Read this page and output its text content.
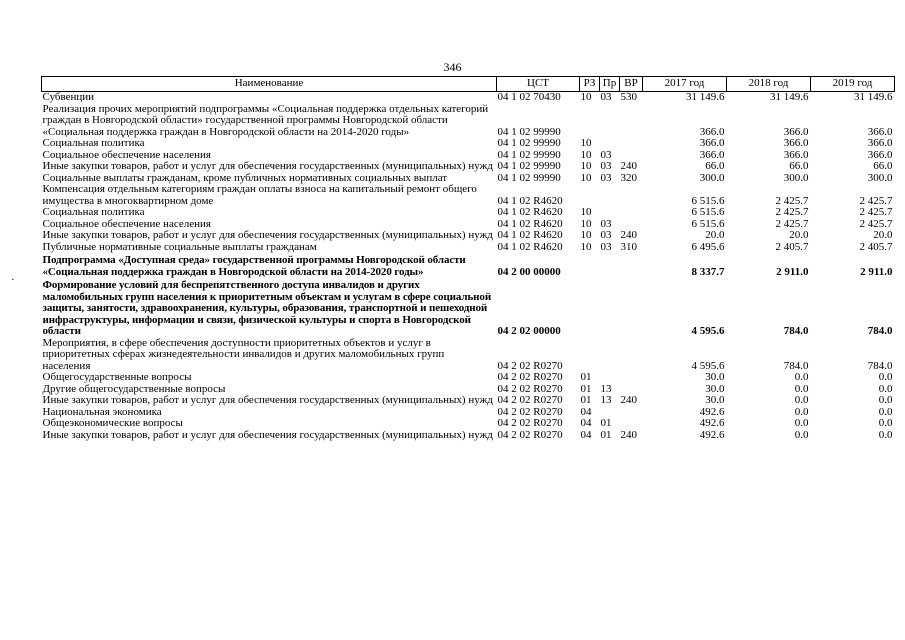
346
·
Наименование	ЦСТ	РЗ	Пр	ВР	2017 год	2018 год	2019 год
Субвенции	04 1 02 70430	10	03	530	31 149.6	31 149.6	31 149.6
Реализация прочих мероприятий подпрограммы «Социальная поддержка отдельных категорий граждан в Новгородской области» государственной программы Новгородской области «Социальная поддержка граждан в Новгородской области на 2014-2020 годы»	04 1 02 99990				366.0	366.0	366.0
Социальная политика	04 1 02 99990	10			366.0	366.0	366.0
Социальное обеспечение населения	04 1 02 99990	10	03		366.0	366.0	366.0
Иные закупки товаров, работ и услуг для обеспечения государственных (муниципальных) нужд	04 1 02 99990	10	03	240	66.0	66.0	66.0
Социальные выплаты гражданам, кроме публичных нормативных социальных выплат	04 1 02 99990	10	03	320	300.0	300.0	300.0
Компенсация отдельным категориям граждан оплаты взноса на капитальный ремонт общего имущества в многоквартирном доме	04 1 02 R4620				6 515.6	2 425.7	2 425.7
Социальная политика	04 1 02 R4620	10			6 515.6	2 425.7	2 425.7
Социальное обеспечение населения	04 1 02 R4620	10	03		6 515.6	2 425.7	2 425.7
Иные закупки товаров, работ и услуг для обеспечения государственных (муниципальных) нужд	04 1 02 R4620	10	03	240	20.0	20.0	20.0
Публичные нормативные социальные выплаты гражданам	04 1 02 R4620	10	03	310	6 495.6	2 405.7	2 405.7
Подпрограмма «Доступная среда» государственной программы Новгородской области «Социальная поддержка граждан в Новгородской области на 2014-2020 годы»	04 2 00 00000				8 337.7	2 911.0	2 911.0
Формирование условий для беспрепятственного доступа инвалидов и других маломобильных групп населения к приоритетным объектам и услугам в сфере социальной защиты, занятости, здравоохранения, культуры, образования, транспортной и пешеходной инфраструктуры, информации и связи, физической культуры и спорта в Новгородской области	04 2 02 00000				4 595.6	784.0	784.0
Мероприятия, в сфере обеспечения доступности приоритетных объектов и услуг в приоритетных сферах жизнедеятельности инвалидов и других маломобильных групп населения	04 2 02 R0270				4 595.6	784.0	784.0
Общегосударственные вопросы	04 2 02 R0270	01			30.0	0.0	0.0
Другие общегосударственные вопросы	04 2 02 R0270	01	13		30.0	0.0	0.0
Иные закупки товаров, работ и услуг для обеспечения государственных (муниципальных) нужд	04 2 02 R0270	01	13	240	30.0	0.0	0.0
Национальная экономика	04 2 02 R0270	04			492.6	0.0	0.0
Общеэкономические вопросы	04 2 02 R0270	04	01		492.6	0.0	0.0
Иные закупки товаров, работ и услуг для обеспечения государственных (муниципальных) нужд	04 2 02 R0270	04	01	240	492.6	0.0	0.0
